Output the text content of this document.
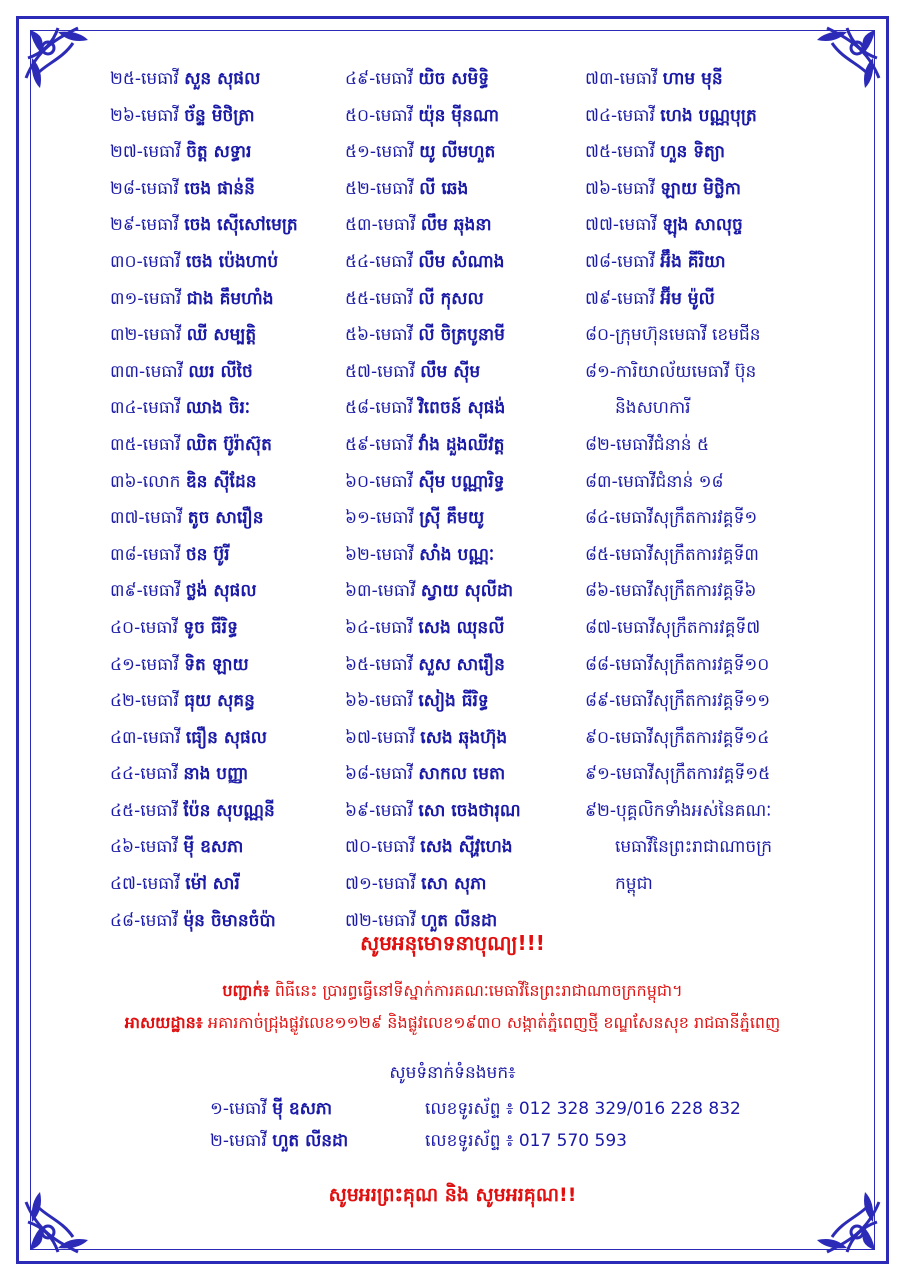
២៥-មេធាវី សួន សុផល
២៦-មេធាវី ច័ន្ទ មិថិត្រា
២៧-មេធាវី ចិត្ត សទ្ធារ
២៨-មេធាវី ចេង ផាន់នី
២៩-មេធាវី ចេង ស៊ើសៅមេត្រ
៣០-មេធាវី ចេង ប៉េងហាប់
៣១-មេធាវី ជាង គឹមហាំង
៣២-មេធាវី ឈី សម្បត្តិ
៣៣-មេធាវី ឈរ លីថៃ
៣៤-មេធាវី ឈាង ចិរៈ
៣៥-មេធាវី ឈិត ប៊ូរ៉ាស៊ុត
៣៦-លោក ឌិន ស៊ីដែន
៣៧-មេធាវី តូច សារឿន
៣៨-មេធាវី ថន ប៊ូរី
៣៩-មេធាវី ថ្លង់ សុផល
៤០-មេធាវី ទូច ធីរិទ្ធ
៤១-មេធាវី ទិត ឡាយ
៤២-មេធាវី ធុយ សុគន្ធ
៤៣-មេធាវី ធឿន សុផល
៤៤-មេធាវី នាង បញ្ញា
៤៥-មេធាវី ប៉ែន សុបណ្ណនី
៤៦-មេធាវី ម៉ី ឧសភា
៤៧-មេធាវី ម៉ៅ សារី
៤៨-មេធាវី ម៉ុន ចិមានចំប៉ា
៤៩-មេធាវី យិច សមិទ្ធិ
៥០-មេធាវី យ៉ុន ម៉ីនណា
៥១-មេធាវី យូ លីមហួត
៥២-មេធាវី លី ឆេង
៥៣-មេធាវី លឹម ឆុងនា
៥៤-មេធាវី លឹម សំណាង
៥៥-មេធាវី លី កុសល
៥៦-មេធាវី លី ចិត្របូនាមី
៥៧-មេធាវី លឹម ស៊ីម
៥៨-មេធាវី វិពេចន៍ សុផង់
៥៩-មេធាវី វាំង ដួងឈីវត្ត
៦០-មេធាវី ស៊ីម បណ្ណារិទ្ធ
៦១-មេធាវី ស្រ៊ី គឹមយូ
៦២-មេធាវី សាំង បណ្ណៈ
៦៣-មេធាវី ស្វាយ សុលីដា
៦៤-មេធាវី សេង ឈុនលី
៦៥-មេធាវី សួស សារឿន
៦៦-មេធាវី សៀង ធីរិទ្ធ
៦៧-មេធាវី សេង ឆុងហ៊ុង
៦៨-មេធាវី សាកល មេតា
៦៩-មេធាវី សោ ចេងថារុណ
៧០-មេធាវី សេង ស៊ីវ្ហហេង
៧១-មេធាវី សោ សុភា
៧២-មេធាវី ហួត លីនដា
៧៣-មេធាវី ហាម មុនី
៧៤-មេធាវី ហេង បណ្ណបុត្រ
៧៥-មេធាវី ហួន ទិត្យា
៧៦-មេធាវី ឡាយ មិថ្លិកា
៧៧-មេធាវី ឡុង សាលុច្ច
៧៨-មេធាវី អ៊ឹង គីរិយា
៧៩-មេធាវី អ៊ីម ម៉ូលី
៨០-ក្រុមហ៊ុនមេធាវី ខេមជីន
៨១-ការិយាល័យមេធាវី ប៊ុន
និងសហការី
៨២-មេធាវីជំនាន់ ៥
៨៣-មេធាវីជំនាន់ ១៨
៨៤-មេធាវីសុក្រឹតការវគ្គទី១
៨៥-មេធាវីសុក្រឹតការវគ្គទី៣
៨៦-មេធាវីសុក្រឹតការវគ្គទី៦
៨៧-មេធាវីសុក្រឹតការវគ្គទី៧
៨៨-មេធាវីសុក្រឹតការវគ្គទី១០
៨៩-មេធាវីសុក្រឹតការវគ្គទី១១
៩០-មេធាវីសុក្រឹតការវគ្គទី១៤
៩១-មេធាវីសុក្រឹតការវគ្គទី១៥
៩២-បុគ្គលិកទាំងអស់នៃគណៈ
មេធាវីនៃព្រះរាជាណាចក្រ
កម្ពុជា
សូមអនុមោទនាបុណ្យ!!!
បញ្ជាក់៖ ពិធីនេះ ប្រារព្ធធ្វើនៅទីស្នាក់ការគណៈមេធាវីនៃព្រះរាជាណាចក្រកម្ពុជា។
អាសយដ្ឋាន៖ អគារកាច់ជ្រុងផ្លូវលេខ១១២៩ និងផ្លូវលេខ១៩៣០ សង្កាត់ភ្នំពេញថ្មី ខណ្ឌសែនសុខ រាជធានីភ្នំពេញ
សូមទំនាក់ទំនងមក៖
១-មេធាវី ម៉ី ឧសភា	លេខទូរស័ព្ទ ៖ 012 328 329/016 228 832
២-មេធាវី ហួត លីនដា	លេខទូរស័ព្ទ ៖ 017 570 593
សូមអរព្រះគុណ និង សូមអរគុណ!!
